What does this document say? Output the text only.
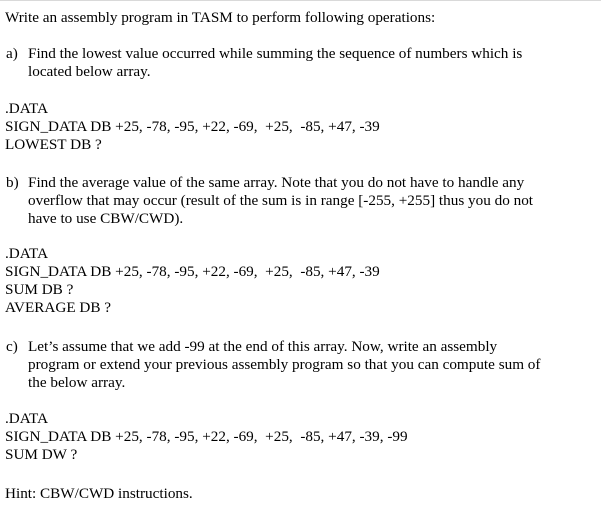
Write an assembly program in TASM to perform following operations:
a) Find the lowest value occurred while summing the sequence of numbers which is
located below array.
.DATA
SIGN_DATA DB +25, -78, -95, +22, -69,  +25,  -85, +47, -39
LOWEST DB ?
b) Find the average value of the same array. Note that you do not have to handle any
overflow that may occur (result of the sum is in range [-255, +255] thus you do not
have to use CBW/CWD).
.DATA
SIGN_DATA DB +25, -78, -95, +22, -69,  +25,  -85, +47, -39
SUM DB ?
AVERAGE DB ?
c) Let’s assume that we add -99 at the end of this array. Now, write an assembly
program or extend your previous assembly program so that you can compute sum of
the below array.
.DATA
SIGN_DATA DB +25, -78, -95, +22, -69,  +25,  -85, +47, -39, -99
SUM DW ?
Hint: CBW/CWD instructions.
